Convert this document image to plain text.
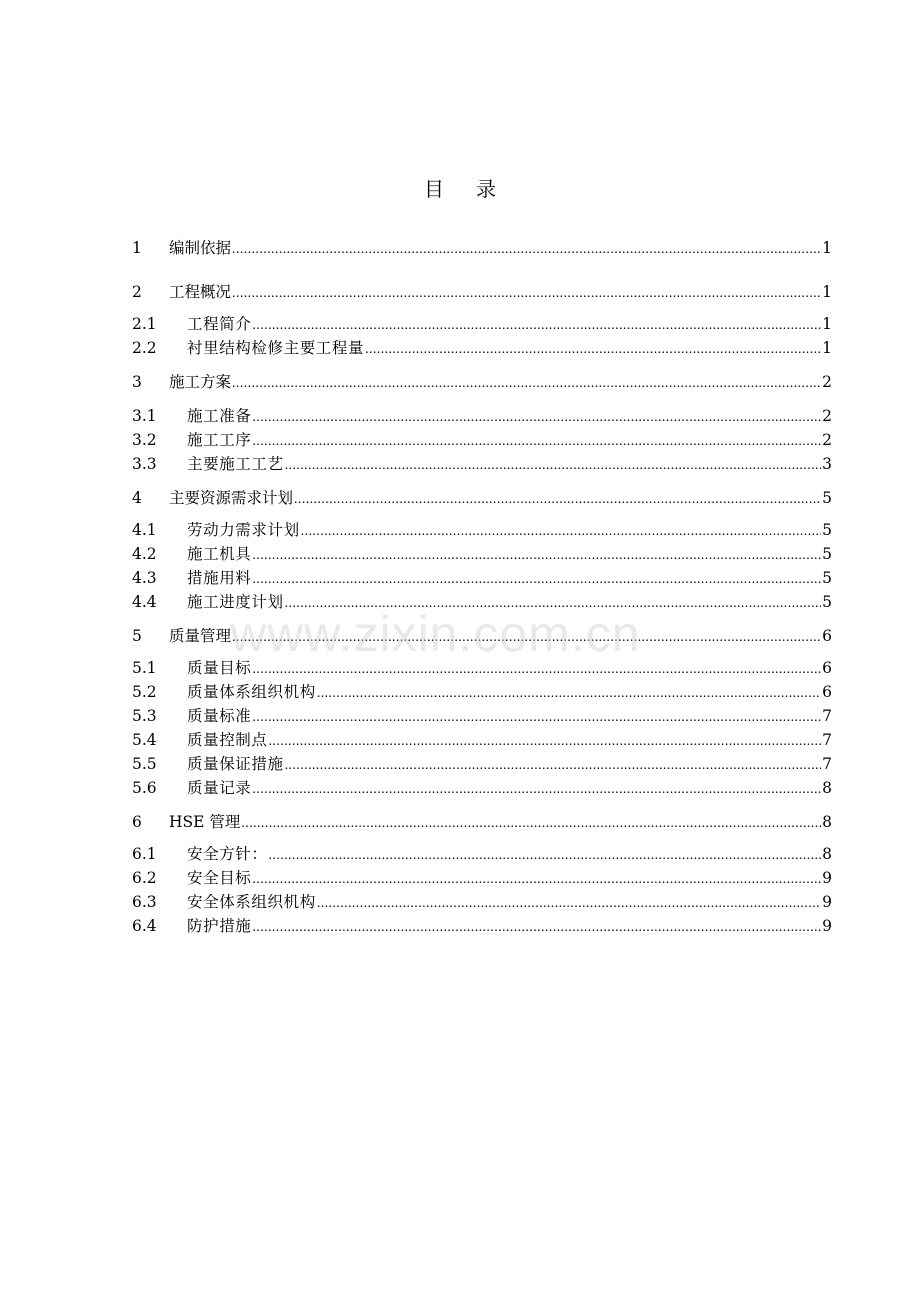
目 录
1	编制依据 .....	1
2	工程概况 .....	1
2.1	工程简介 .....	1
2.2	衬里结构检修主要工程量 .....	1
3	施工方案 .....	2
3.1	施工准备 .....	2
3.2	施工工序 .....	2
3.3	主要施工工艺 .....	3
4	主要资源需求计划 .....	5
4.1	劳动力需求计划 .....	5
4.2	施工机具 .....	5
4.3	措施用料 .....	5
4.4	施工进度计划 .....	5
5	质量管理 .....	6
5.1	质量目标 .....	6
5.2	质量体系组织机构 .....	6
5.3	质量标准 .....	7
5.4	质量控制点 .....	7
5.5	质量保证措施 .....	7
5.6	质量记录 .....	8
6	HSE 管理 .....	8
6.1	安全方针： .....	8
6.2	安全目标 .....	9
6.3	安全体系组织机构 .....	9
6.4	防护措施 .....	9
www.zixin.com.cn
